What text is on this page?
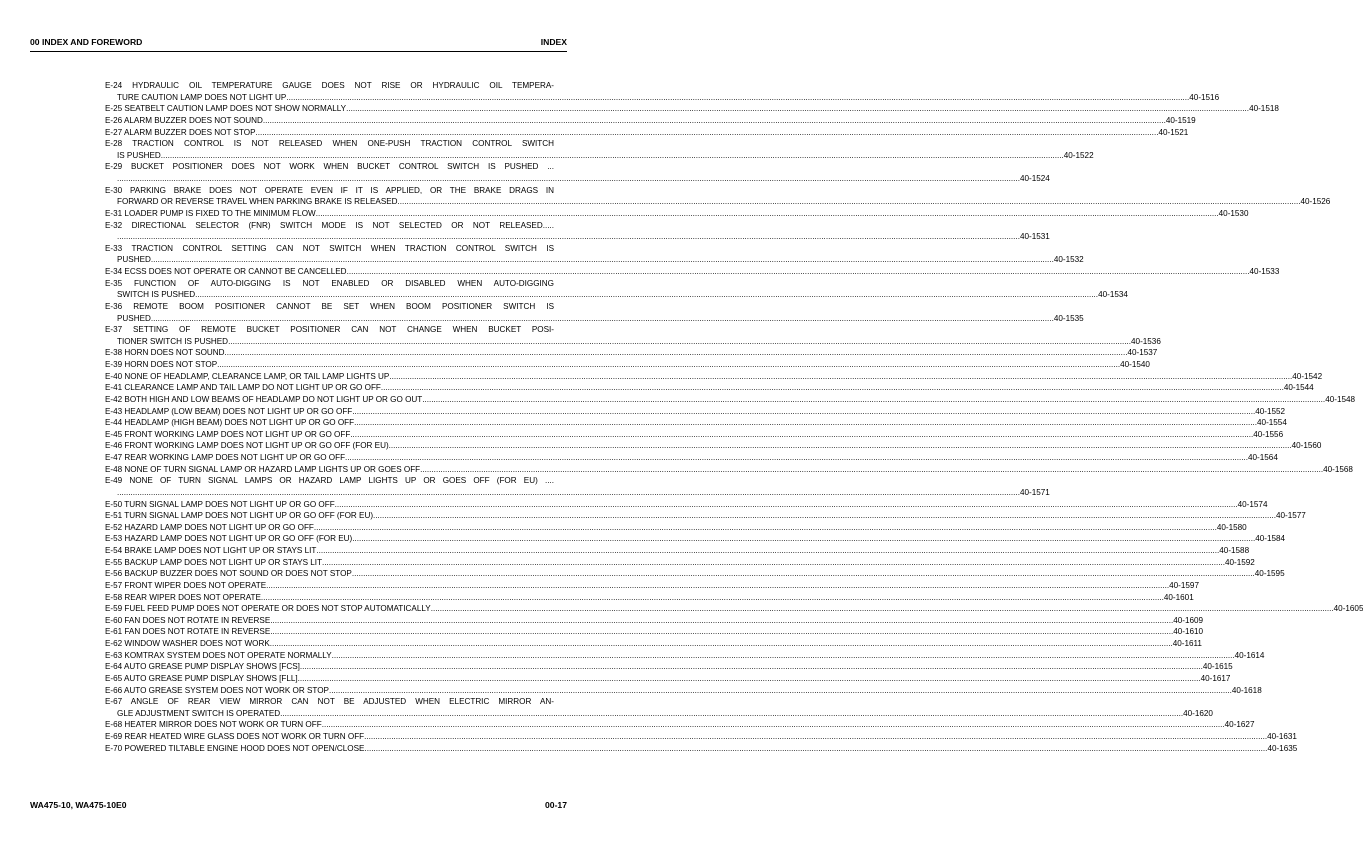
00 INDEX AND FOREWORD	INDEX
E-24 HYDRAULIC OIL TEMPERATURE GAUGE DOES NOT RISE OR HYDRAULIC OIL TEMPERA-
TURE CAUTION LAMP DOES NOT LIGHT UP ................................................................................................................................................................................................................................................................................................................................................................................................................ 40-1516
E-25 SEATBELT CAUTION LAMP DOES NOT SHOW NORMALLY ................................................................................................................................................................................................................................................................................................................................................................................................................ 40-1518
E-26 ALARM BUZZER DOES NOT SOUND ................................................................................................................................................................................................................................................................................................................................................................................................................ 40-1519
E-27 ALARM BUZZER DOES NOT STOP ................................................................................................................................................................................................................................................................................................................................................................................................................ 40-1521
E-28 TRACTION CONTROL IS NOT RELEASED WHEN ONE-PUSH TRACTION CONTROL SWITCH
IS PUSHED ................................................................................................................................................................................................................................................................................................................................................................................................................ 40-1522
E-29 BUCKET POSITIONER DOES NOT WORK WHEN BUCKET CONTROL SWITCH IS PUSHED ...
................................................................................................................................................................................................................................................................................................................................................................................................................ 40-1524
E-30 PARKING BRAKE DOES NOT OPERATE EVEN IF IT IS APPLIED, OR THE BRAKE DRAGS IN
FORWARD OR REVERSE TRAVEL WHEN PARKING BRAKE IS RELEASED ................................................................................................................................................................................................................................................................................................................................................................................................................ 40-1526
E-31 LOADER PUMP IS FIXED TO THE MINIMUM FLOW ................................................................................................................................................................................................................................................................................................................................................................................................................ 40-1530
E-32 DIRECTIONAL SELECTOR (FNR) SWITCH MODE IS NOT SELECTED OR NOT RELEASED.....
................................................................................................................................................................................................................................................................................................................................................................................................................ 40-1531
E-33 TRACTION CONTROL SETTING CAN NOT SWITCH WHEN TRACTION CONTROL SWITCH IS
PUSHED ................................................................................................................................................................................................................................................................................................................................................................................................................ 40-1532
E-34 ECSS DOES NOT OPERATE OR CANNOT BE CANCELLED ................................................................................................................................................................................................................................................................................................................................................................................................................ 40-1533
E-35 FUNCTION OF AUTO-DIGGING IS NOT ENABLED OR DISABLED WHEN AUTO-DIGGING
SWITCH IS PUSHED ................................................................................................................................................................................................................................................................................................................................................................................................................ 40-1534
E-36 REMOTE BOOM POSITIONER CANNOT BE SET WHEN BOOM POSITIONER SWITCH IS
PUSHED ................................................................................................................................................................................................................................................................................................................................................................................................................ 40-1535
E-37 SETTING OF REMOTE BUCKET POSITIONER CAN NOT CHANGE WHEN BUCKET POSI-
TIONER SWITCH IS PUSHED ................................................................................................................................................................................................................................................................................................................................................................................................................ 40-1536
E-38 HORN DOES NOT SOUND ................................................................................................................................................................................................................................................................................................................................................................................................................ 40-1537
E-39 HORN DOES NOT STOP ................................................................................................................................................................................................................................................................................................................................................................................................................ 40-1540
E-40 NONE OF HEADLAMP, CLEARANCE LAMP, OR TAIL LAMP LIGHTS UP ................................................................................................................................................................................................................................................................................................................................................................................................................ 40-1542
E-41 CLEARANCE LAMP AND TAIL LAMP DO NOT LIGHT UP OR GO OFF ................................................................................................................................................................................................................................................................................................................................................................................................................ 40-1544
E-42 BOTH HIGH AND LOW BEAMS OF HEADLAMP DO NOT LIGHT UP OR GO OUT ................................................................................................................................................................................................................................................................................................................................................................................................................ 40-1548
E-43 HEADLAMP (LOW BEAM) DOES NOT LIGHT UP OR GO OFF ................................................................................................................................................................................................................................................................................................................................................................................................................ 40-1552
E-44 HEADLAMP (HIGH BEAM) DOES NOT LIGHT UP OR GO OFF ................................................................................................................................................................................................................................................................................................................................................................................................................ 40-1554
E-45 FRONT WORKING LAMP DOES NOT LIGHT UP OR GO OFF ................................................................................................................................................................................................................................................................................................................................................................................................................ 40-1556
E-46 FRONT WORKING LAMP DOES NOT LIGHT UP OR GO OFF (FOR EU) ................................................................................................................................................................................................................................................................................................................................................................................................................ 40-1560
E-47 REAR WORKING LAMP DOES NOT LIGHT UP OR GO OFF ................................................................................................................................................................................................................................................................................................................................................................................................................ 40-1564
E-48 NONE OF TURN SIGNAL LAMP OR HAZARD LAMP LIGHTS UP OR GOES OFF ................................................................................................................................................................................................................................................................................................................................................................................................................ 40-1568
E-49 NONE OF TURN SIGNAL LAMPS OR HAZARD LAMP LIGHTS UP OR GOES OFF (FOR EU) ....
................................................................................................................................................................................................................................................................................................................................................................................................................ 40-1571
E-50 TURN SIGNAL LAMP DOES NOT LIGHT UP OR GO OFF ................................................................................................................................................................................................................................................................................................................................................................................................................ 40-1574
E-51 TURN SIGNAL LAMP DOES NOT LIGHT UP OR GO OFF (FOR EU) ................................................................................................................................................................................................................................................................................................................................................................................................................ 40-1577
E-52 HAZARD LAMP DOES NOT LIGHT UP OR GO OFF ................................................................................................................................................................................................................................................................................................................................................................................................................ 40-1580
E-53 HAZARD LAMP DOES NOT LIGHT UP OR GO OFF (FOR EU) ................................................................................................................................................................................................................................................................................................................................................................................................................ 40-1584
E-54 BRAKE LAMP DOES NOT LIGHT UP OR STAYS LIT ................................................................................................................................................................................................................................................................................................................................................................................................................ 40-1588
E-55 BACKUP LAMP DOES NOT LIGHT UP OR STAYS LIT ................................................................................................................................................................................................................................................................................................................................................................................................................ 40-1592
E-56 BACKUP BUZZER DOES NOT SOUND OR DOES NOT STOP ................................................................................................................................................................................................................................................................................................................................................................................................................ 40-1595
E-57 FRONT WIPER DOES NOT OPERATE ................................................................................................................................................................................................................................................................................................................................................................................................................ 40-1597
E-58 REAR WIPER DOES NOT OPERATE ................................................................................................................................................................................................................................................................................................................................................................................................................ 40-1601
E-59 FUEL FEED PUMP DOES NOT OPERATE OR DOES NOT STOP AUTOMATICALLY ................................................................................................................................................................................................................................................................................................................................................................................................................ 40-1605
E-60 FAN DOES NOT ROTATE IN REVERSE ................................................................................................................................................................................................................................................................................................................................................................................................................ 40-1609
E-61 FAN DOES NOT ROTATE IN REVERSE ................................................................................................................................................................................................................................................................................................................................................................................................................ 40-1610
E-62 WINDOW WASHER DOES NOT WORK ................................................................................................................................................................................................................................................................................................................................................................................................................ 40-1611
E-63 KOMTRAX SYSTEM DOES NOT OPERATE NORMALLY ................................................................................................................................................................................................................................................................................................................................................................................................................ 40-1614
E-64 AUTO GREASE PUMP DISPLAY SHOWS [FCS] ................................................................................................................................................................................................................................................................................................................................................................................................................ 40-1615
E-65 AUTO GREASE PUMP DISPLAY SHOWS [FLL] ................................................................................................................................................................................................................................................................................................................................................................................................................ 40-1617
E-66 AUTO GREASE SYSTEM DOES NOT WORK OR STOP ................................................................................................................................................................................................................................................................................................................................................................................................................ 40-1618
E-67 ANGLE OF REAR VIEW MIRROR CAN NOT BE ADJUSTED WHEN ELECTRIC MIRROR AN-
GLE ADJUSTMENT SWITCH IS OPERATED ................................................................................................................................................................................................................................................................................................................................................................................................................ 40-1620
E-68 HEATER MIRROR DOES NOT WORK OR TURN OFF ................................................................................................................................................................................................................................................................................................................................................................................................................ 40-1627
E-69 REAR HEATED WIRE GLASS DOES NOT WORK OR TURN OFF ................................................................................................................................................................................................................................................................................................................................................................................................................ 40-1631
E-70 POWERED TILTABLE ENGINE HOOD DOES NOT OPEN/CLOSE ................................................................................................................................................................................................................................................................................................................................................................................................................ 40-1635
WA475-10, WA475-10E0	00-17
